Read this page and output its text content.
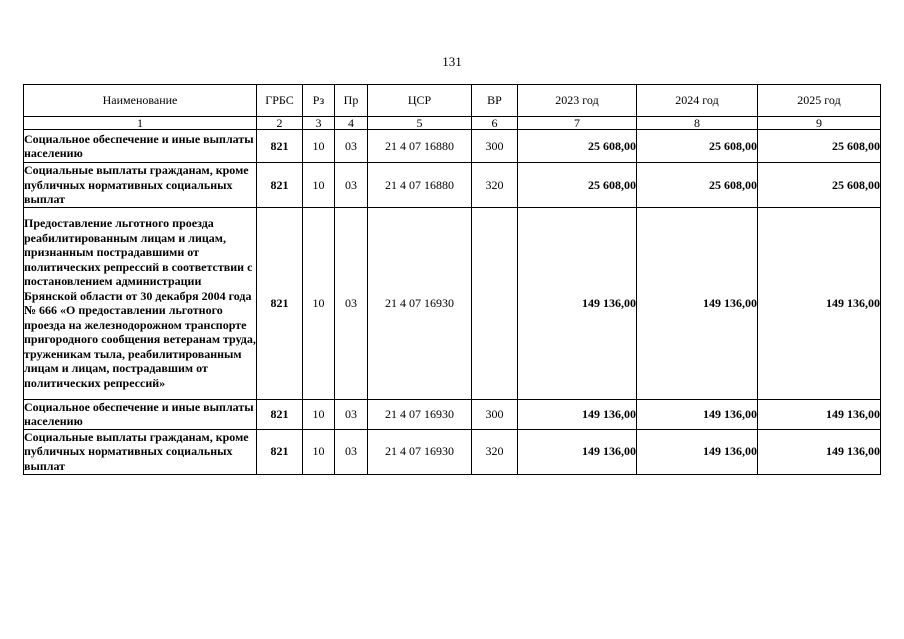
131
Наименование	ГРБС	Рз	Пр	ЦСР	ВР	2023 год	2024 год	2025 год
1	2	3	4	5	6	7	8	9
Социальное обеспечение и иные выплаты населению	821	10	03	21 4 07 16880	300	25 608,00	25 608,00	25 608,00
Социальные выплаты гражданам, кроме публичных нормативных социальных выплат	821	10	03	21 4 07 16880	320	25 608,00	25 608,00	25 608,00
Предоставление льготного проезда реабилитированным лицам и лицам, признанным пострадавшими от политических репрессий в соответствии с постановлением администрации Брянской области от 30 декабря 2004 года № 666 «О предоставлении льготного проезда на железнодорожном транспорте пригородного сообщения ветеранам труда, труженикам тыла, реабилитированным лицам и лицам, пострадавшим от политических репрессий»	821	10	03	21 4 07 16930		149 136,00	149 136,00	149 136,00
Социальное обеспечение и иные выплаты населению	821	10	03	21 4 07 16930	300	149 136,00	149 136,00	149 136,00
Социальные выплаты гражданам, кроме публичных нормативных социальных выплат	821	10	03	21 4 07 16930	320	149 136,00	149 136,00	149 136,00
